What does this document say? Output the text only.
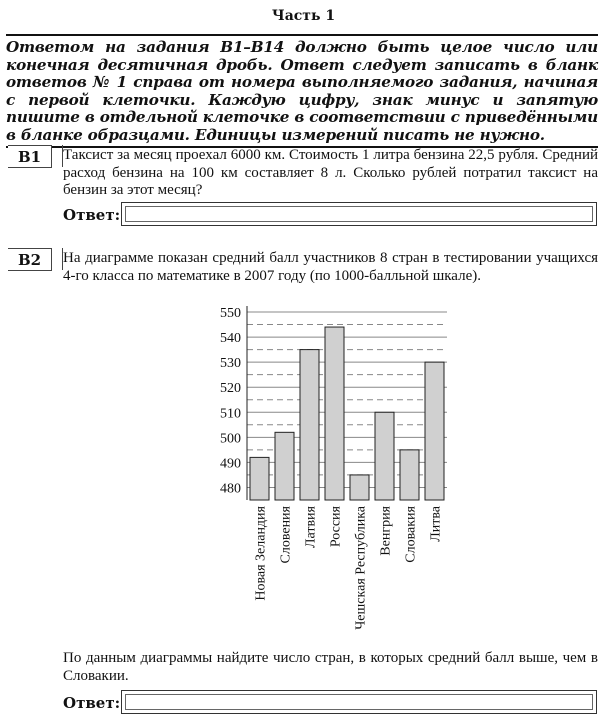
Часть 1
Ответом на задания В1–В14 должно быть целое число или конечная десятичная дробь. Ответ следует записать в бланк ответов № 1 справа от номера выполняемого задания, начиная с первой клеточки. Каждую цифру, знак минус и запятую пишите в отдельной клеточке в соответствии с приведёнными в бланке образцами. Единицы измерений писать не нужно.
В1	Таксист за месяц проехал 6000 км. Стоимость 1 литра бензина 22,5 рубля. Средний расход бензина на 100 км составляет 8 л. Сколько рублей потратил таксист на бензин за этот месяц?
Ответ:
В2	На диаграмме показан средний балл участников 8 стран в тестировании учащихся 4-го класса по математике в 2007 году (по 1000-балльной шкале).
480
490
500
510
520
530
540
550
Новая Зеландия Словения Латвия Россия Чешская Республика Венгрия Словакия Литва
По данным диаграммы найдите число стран, в которых средний балл выше, чем в Словакии.
Ответ:
